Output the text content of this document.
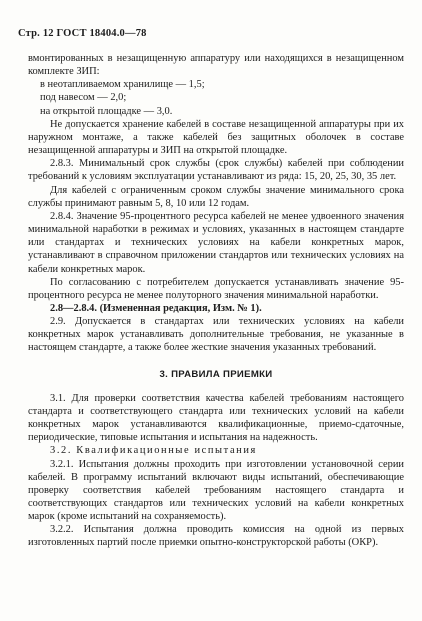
Стр. 12 ГОСТ 18404.0—78

вмонтированных в незащищенную аппаратуру или находящихся в незащищенном комплекте ЗИП:

в неотапливаемом хранилище — 1,5;

под навесом — 2,0;

на открытой площадке — 3,0.

Не допускается хранение кабелей в составе незащищенной аппаратуры при их наружном монтаже, а также кабелей без защитных оболочек в составе незащищенной аппаратуры и ЗИП на открытой площадке.

2.8.3. Минимальный срок службы (срок службы) кабелей при соблюдении требований к условиям эксплуатации устанавливают из ряда: 15, 20, 25, 30, 35 лет.

Для кабелей с ограниченным сроком службы значение минимального срока службы принимают равным 5, 8, 10 или 12 годам.

2.8.4. Значение 95-процентного ресурса кабелей не менее удвоенного значения минимальной наработки в режимах и условиях, указанных в настоящем стандарте или стандартах и технических условиях на кабели конкретных марок, устанавливают в справочном приложении стандартов или технических условиях на кабели конкретных марок.

По согласованию с потребителем допускается устанавливать значение 95-процентного ресурса не менее полуторного значения минимальной наработки.

2.8—2.8.4. (Измененная редакция, Изм. № 1).

2.9. Допускается в стандартах или технических условиях на кабели конкретных марок устанавливать дополнительные требования, не указанные в настоящем стандарте, а также более жесткие значения указанных требований.

3. ПРАВИЛА ПРИЕМКИ

3.1. Для проверки соответствия качества кабелей требованиям настоящего стандарта и соответствующего стандарта или технических условий на кабели конкретных марок устанавливаются квалификационные, приемо-сдаточные, периодические, типовые испытания и испытания на надежность.

3.2. Квалификационные испытания

3.2.1. Испытания должны проходить при изготовлении установочной серии кабелей. В программу испытаний включают виды испытаний, обеспечивающие проверку соответствия кабелей требованиям настоящего стандарта и соответствующих стандартов или технических условий на кабели конкретных марок (кроме испытаний на сохраняемость).

3.2.2. Испытания должна проводить комиссия на одной из первых изготовленных партий после приемки опытно-конструкторской работы (ОКР).
